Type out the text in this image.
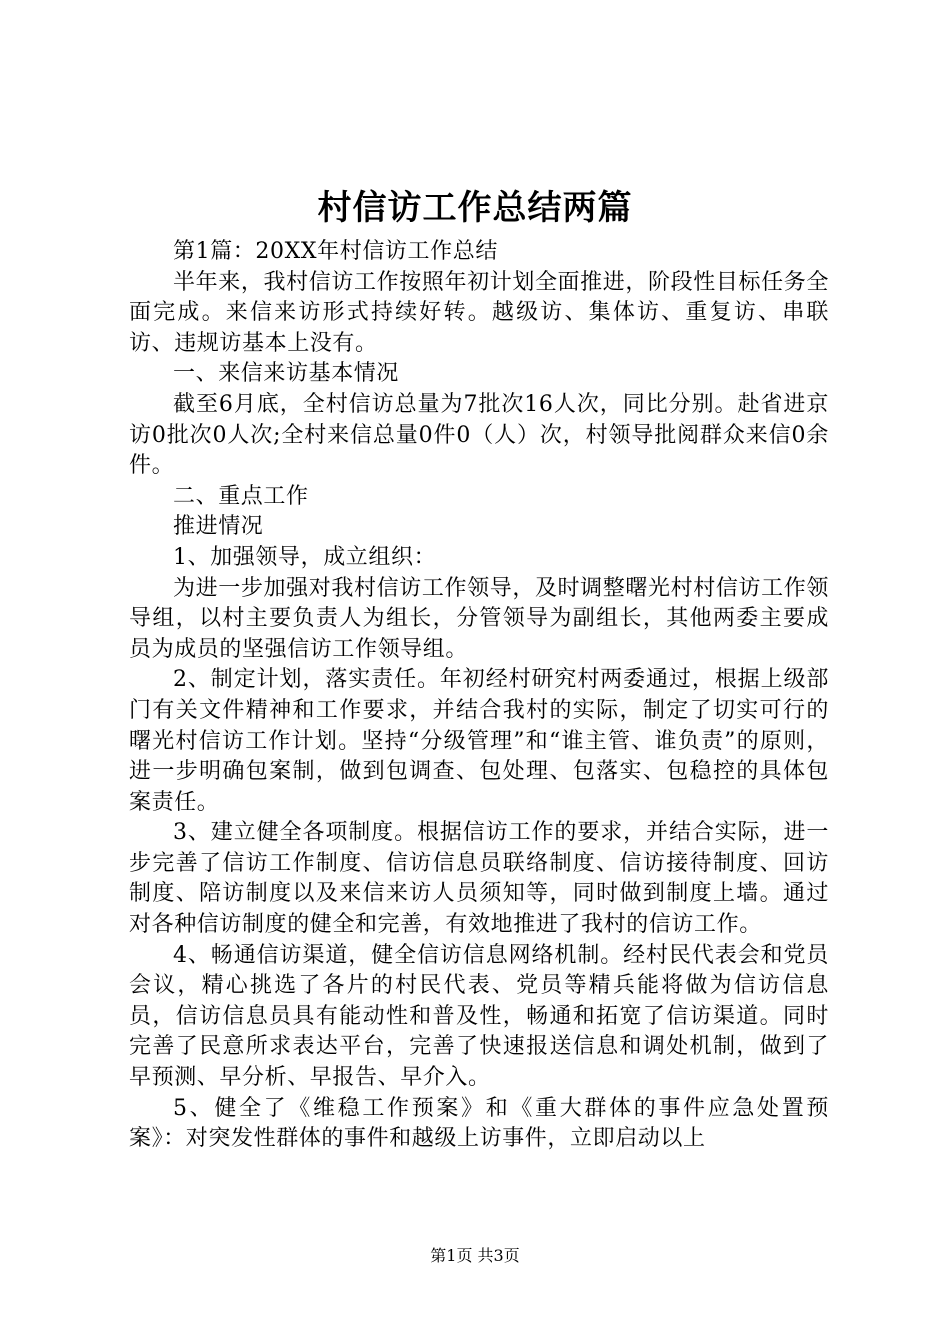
村信访工作总结两篇

第1篇：20XX年村信访工作总结

半年来，我村信访工作按照年初计划全面推进，阶段性目标任务全面完成。来信来访形式持续好转。越级访、集体访、重复访、串联访、违规访基本上没有。

一、来信来访基本情况

截至6月底，全村信访总量为7批次16人次，同比分别。赴省进京访0批次0人次;全村来信总量0件0（人）次，村领导批阅群众来信0余件。

二、重点工作

推进情况

1、加强领导，成立组织：

为进一步加强对我村信访工作领导，及时调整曙光村村信访工作领导组，以村主要负责人为组长，分管领导为副组长，其他两委主要成员为成员的坚强信访工作领导组。

2、制定计划，落实责任。年初经村研究村两委通过，根据上级部门有关文件精神和工作要求，并结合我村的实际，制定了切实可行的曙光村信访工作计划。坚持“分级管理”和“谁主管、谁负责”的原则，进一步明确包案制，做到包调查、包处理、包落实、包稳控的具体包案责任。

3、建立健全各项制度。根据信访工作的要求，并结合实际，进一步完善了信访工作制度、信访信息员联络制度、信访接待制度、回访制度、陪访制度以及来信来访人员须知等，同时做到制度上墙。通过对各种信访制度的健全和完善，有效地推进了我村的信访工作。

4、畅通信访渠道，健全信访信息网络机制。经村民代表会和党员会议，精心挑选了各片的村民代表、党员等精兵能将做为信访信息员，信访信息员具有能动性和普及性，畅通和拓宽了信访渠道。同时完善了民意所求表达平台，完善了快速报送信息和调处机制，做到了早预测、早分析、早报告、早介入。

5、健全了《维稳工作预案》和《重大群体的事件应急处置预案》：对突发性群体的事件和越级上访事件，立即启动以上

第1页 共3页
